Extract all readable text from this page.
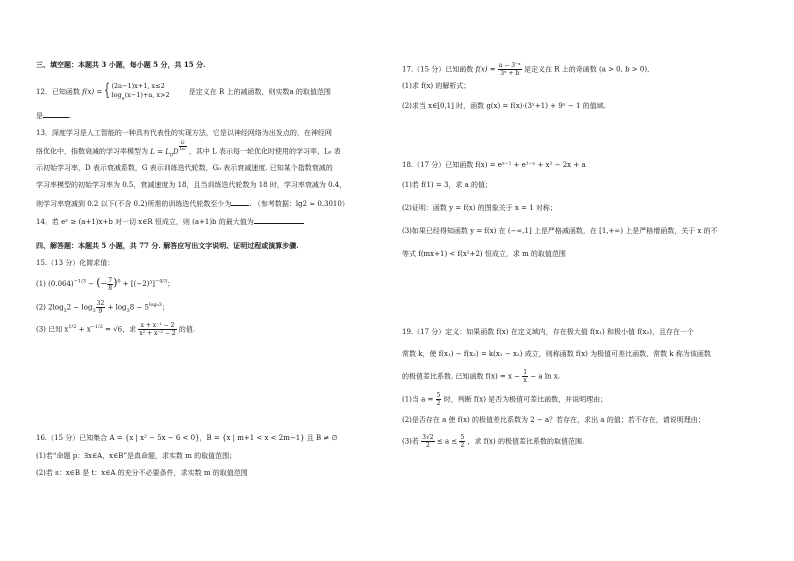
三、填空题：本题共 3 小题，每小题 5 分，共 15 分.
12．已知函数 f(x) = { (2a−1)x+1, x≤2
$\log_a(x-1)+a$, x>2	是定义在 R 上的减函数，则实数a 的取值范围
是	.
13．深度学习是人工智能的一种具有代表性的实现方法，它是以神经网络为出发点的，在神经网
络优化中，指数衰减的学习率模型为 $L = L_0D \frac{G}{\text{G₀}}$ ，其中 L 表示每一轮优化时使用的学习率，L₀ 表
示初始学习率，D 表示衰减系数，G 表示训练迭代轮数，G₀ 表示衰减速度. 已知某个指数衰减的
学习率模型的初始学习率为 0.5，衰减速度为 18，且当训练迭代轮数为 18 时，学习率衰减为 0.4，
则学习率衰减到 0.2 以下(不含 0.2)所需的训练迭代轮数至少为	. （参考数据：lg2 ≈ 0.3010）
14．若 eˣ ≥ (a+1)x+b 对一切 x∈R 恒成立，则 (a+1)b 的最大值为
四、解答题：本题共 5 小题，共 77 分. 解答应写出文字说明、证明过程或演算步骤.
15.（13 分）化简求值：
(1) $(0.064)^{-1/3}$ − (− $\frac{7}{8} )^0 + [(-2)^3]^{-4/3}$；
(2) $2\log_32 - \log_3 \frac{32}{9} + \log_38 - 5^{log_53}$；
(3) 已知 $x^{1/2} + x^{-1/2} = √6$，求 $\frac{\text{x + x⁻¹ − 2}}{\text{x² + x⁻² − 2}}$ 的值.
16.（15 分）已知集合 A = {x | x² − 5x − 6 < 0}，B = {x | m+1 < x < 2m−1} 且 B ≠ ∅
(1)若“命题 p：∃x∈A，x∈B”是真命题，求实数 m 的取值范围；
(2)若 s：x∈B 是 t：x∈A 的充分不必要条件，求实数 m 的取值范围
17.（15 分）已知函数 $f(x) = \frac{\text{a − 3⁻ˣ}}{\text{3ˣ + b}}$ 是定义在 R 上的奇函数 (a > 0, b > 0)．
(1)求 f(x) 的解析式；
(2)求当 x∈[0,1] 时，函数 g(x) = f(x)·(3ˣ+1) + 9ˣ − 1 的值域.
18.（17 分）已知函数 f(x) = eˣ⁻¹ + e¹⁻ˣ + x² − 2x + a
(1)若 f(1) = 3，求 a 的值；
(2)证明：函数 y = f(x) 的图象关于 x = 1 对称；
(3)如果已经得知函数 y = f(x) 在 (−∞,1] 上是严格减函数，在 [1,+∞) 上是严格增函数，关于 x 的不
等式 f(mx+1) < f(x²+2) 恒成立，求 m 的取值范围
19.（17 分）定义：如果函数 f(x) 在定义域内，存在极大值 f(x₁) 和极小值 f(x₂)，且存在一个
常数 k，使 f(x₁) − f(x₂) = k(x₁ − x₂) 成立，则称函数 f(x) 为极值可差比函数，常数 k 称为该函数
的极值差比系数. 已知函数 $f(x) = x - \frac{1}{x} - a$ ln x.
(1)当 $a = \frac{5}{2}$ 时，判断 f(x) 是否为极值可差比函数，并说明理由；
(2)是否存在 a 使 f(x) 的极值差比系数为 2 − a？若存在，求出 a 的值；若不存在，请说明理由；
(3)若 $\frac{3√2}{2} \le a \le \frac{5}{2}$ ，求 f(x) 的极值差比系数的取值范围.
